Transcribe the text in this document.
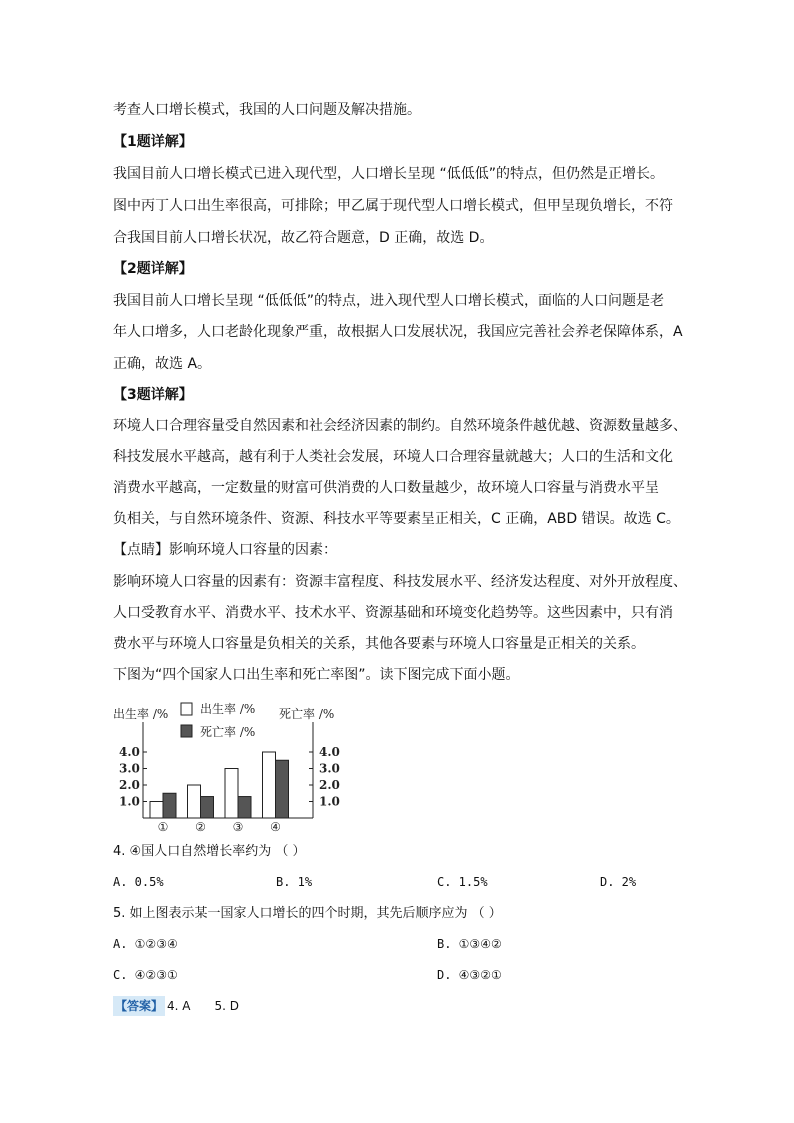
考查人口增长模式，我国的人口问题及解决措施。
【1题详解】
我国目前人口增长模式已进入现代型，人口增长呈现 “低低低”的特点，但仍然是正增长。
图中丙丁人口出生率很高，可排除；甲乙属于现代型人口增长模式，但甲呈现负增长，不符
合我国目前人口增长状况，故乙符合题意，D 正确，故选 D。
【2题详解】
我国目前人口增长呈现 “低低低”的特点，进入现代型人口增长模式，面临的人口问题是老
年人口增多，人口老龄化现象严重，故根据人口发展状况，我国应完善社会养老保障体系，A
正确，故选 A。
【3题详解】
环境人口合理容量受自然因素和社会经济因素的制约。自然环境条件越优越、资源数量越多、
科技发展水平越高，越有利于人类社会发展，环境人口合理容量就越大；人口的生活和文化
消费水平越高，一定数量的财富可供消费的人口数量越少，故环境人口容量与消费水平呈
负相关，与自然环境条件、资源、科技水平等要素呈正相关，C 正确，ABD 错误。故选 C。
【点睛】影响环境人口容量的因素：
影响环境人口容量的因素有：资源丰富程度、科技发展水平、经济发达程度、对外开放程度、
人口受教育水平、消费水平、技术水平、资源基础和环境变化趋势等。这些因素中，只有消
费水平与环境人口容量是负相关的关系，其他各要素与环境人口容量是正相关的关系。
下图为“四个国家人口出生率和死亡率图”。读下图完成下面小题。
出生率 /%	死亡率 /%
出生率 /%
死亡率 /%
1.0	1.0
2.0	2.0
3.0	3.0
4.0	4.0
① ② ③ ④
4. ④国人口自然增长率约为 （ ）
A. 0.5%	B. 1%	C. 1.5%	D. 2%
5. 如上图表示某一国家人口增长的四个时期，其先后顺序应为 （ ）
A. ①②③④	B. ①③④②
C. ④②③①	D. ④③②①
【答案】 4. A 5. D
